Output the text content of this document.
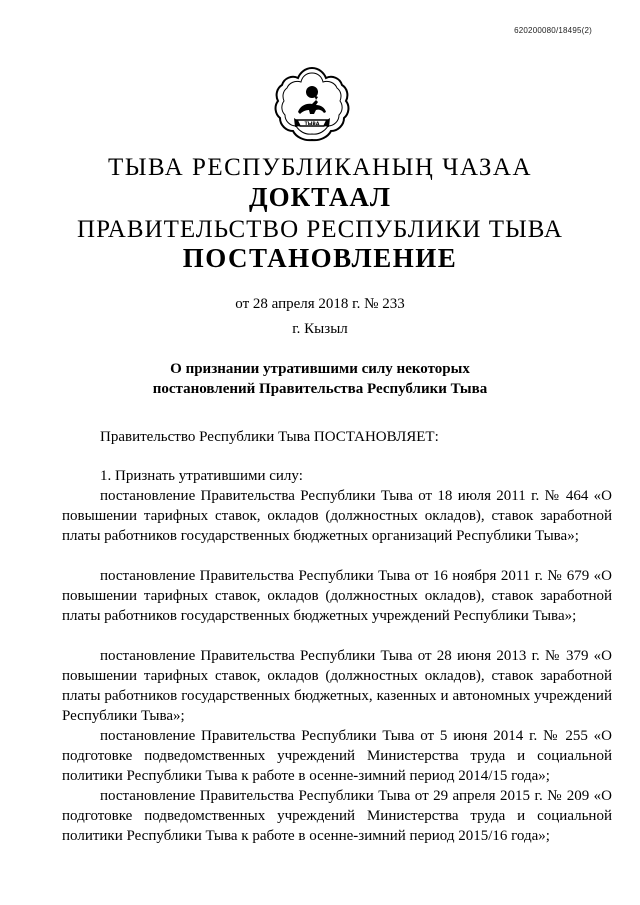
620200080/18495(2)
ТЫВА
ТЫВА РЕСПУБЛИКАНЫҢ ЧАЗАА
ДОКТААЛ
ПРАВИТЕЛЬСТВО РЕСПУБЛИКИ ТЫВА
ПОСТАНОВЛЕНИЕ
от 28 апреля 2018 г. № 233
г. Кызыл
О признании утратившими силу некоторых
постановлений Правительства Республики Тыва
Правительство Республики Тыва ПОСТАНОВЛЯЕТ:
1. Признать утратившими силу:
постановление Правительства Республики Тыва от 18 июля 2011 г. № 464 «О повышении тарифных ставок, окладов (должностных окладов), ставок заработной платы работников государственных бюджетных организаций Республики Тыва»;
постановление Правительства Республики Тыва от 16 ноября 2011 г. № 679 «О повышении тарифных ставок, окладов (должностных окладов), ставок заработной платы работников государственных бюджетных учреждений Республики Тыва»;
постановление Правительства Республики Тыва от 28 июня 2013 г. № 379 «О повышении тарифных ставок, окладов (должностных окладов), ставок заработной платы работников государственных бюджетных, казенных и автономных учреждений Республики Тыва»;
постановление Правительства Республики Тыва от 5 июня 2014 г. № 255 «О подготовке подведомственных учреждений Министерства труда и социальной политики Республики Тыва к работе в осенне-зимний период 2014/15 года»;
постановление Правительства Республики Тыва от 29 апреля 2015 г. № 209 «О подготовке подведомственных учреждений Министерства труда и социальной политики Республики Тыва к работе в осенне-зимний период 2015/16 года»;
